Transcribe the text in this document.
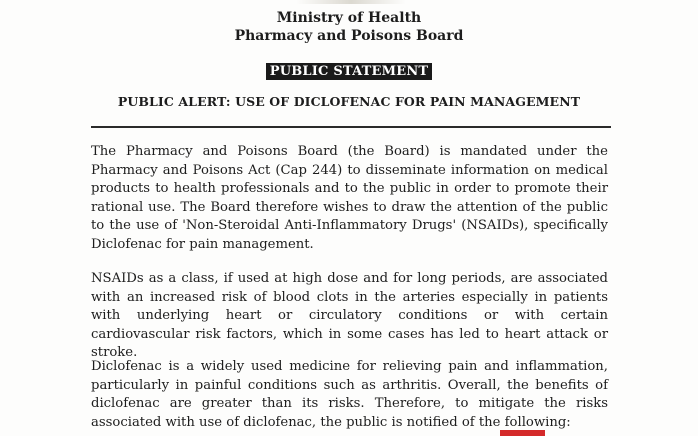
Ministry of Health
Pharmacy and Poisons Board
PUBLIC STATEMENT
PUBLIC ALERT: USE OF DICLOFENAC FOR PAIN MANAGEMENT

The Pharmacy and Poisons Board (the Board) is mandated under the Pharmacy and Poisons Act (Cap 244) to disseminate information on medical products to health professionals and to the public in order to promote their rational use. The Board therefore wishes to draw the attention of the public to the use of 'Non-Steroidal Anti-Inflammatory Drugs' (NSAIDs), specifically Diclofenac for pain management.

NSAIDs as a class, if used at high dose and for long periods, are associated with an increased risk of blood clots in the arteries especially in patients with underlying heart or circulatory conditions or with certain cardiovascular risk factors, which in some cases has led to heart attack or stroke.

Diclofenac is a widely used medicine for relieving pain and inflammation, particularly in painful conditions such as arthritis. Overall, the benefits of diclofenac are greater than its risks. Therefore, to mitigate the risks associated with use of diclofenac, the public is notified of the following:
